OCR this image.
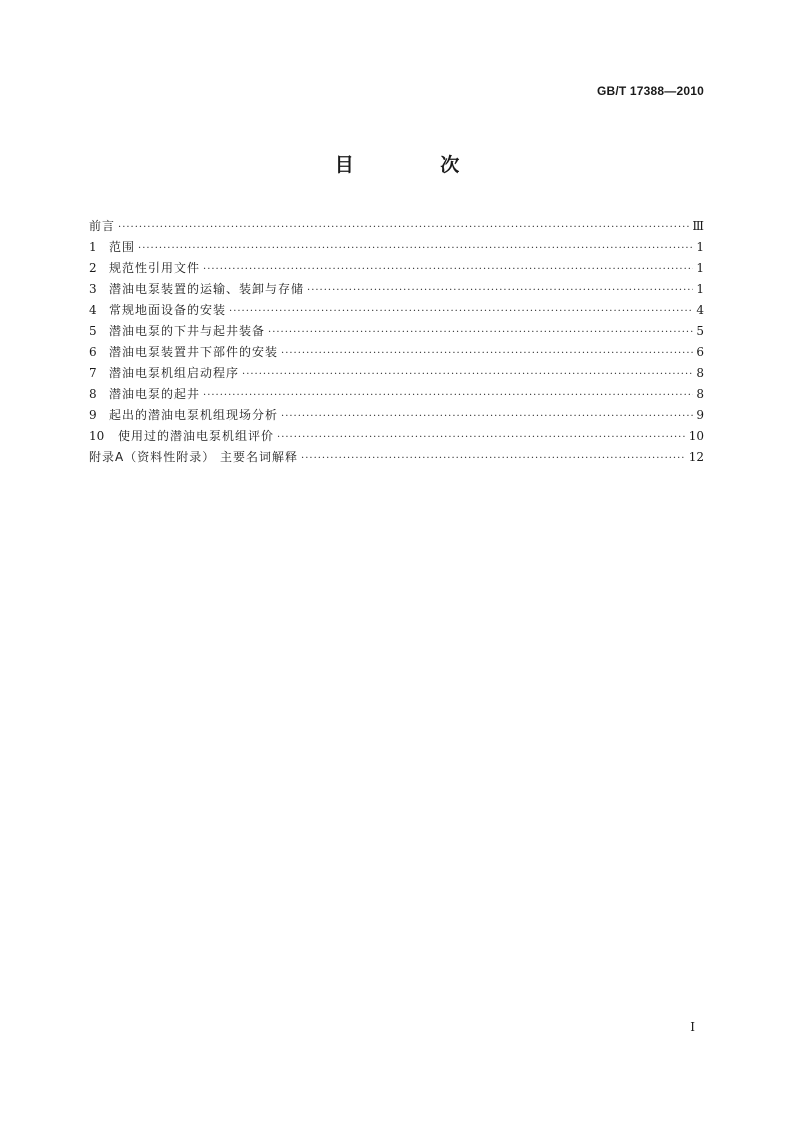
GB/T 17388—2010
目 次
前言 ·····	Ⅲ
1	范围 ·····	1
2	规范性引用文件 ·····	1
3	潜油电泵装置的运输、装卸与存储 ·····	1
4	常规地面设备的安装 ·····	4
5	潜油电泵的下井与起井装备 ·····	5
6	潜油电泵装置井下部件的安装 ·····	6
7	潜油电泵机组启动程序 ·····	8
8	潜油电泵的起井 ·····	8
9	起出的潜油电泵机组现场分析 ·····	9
10	使用过的潜油电泵机组评价 ·····	10
附录A（资料性附录） 主要名词解释 ·····	12
I
